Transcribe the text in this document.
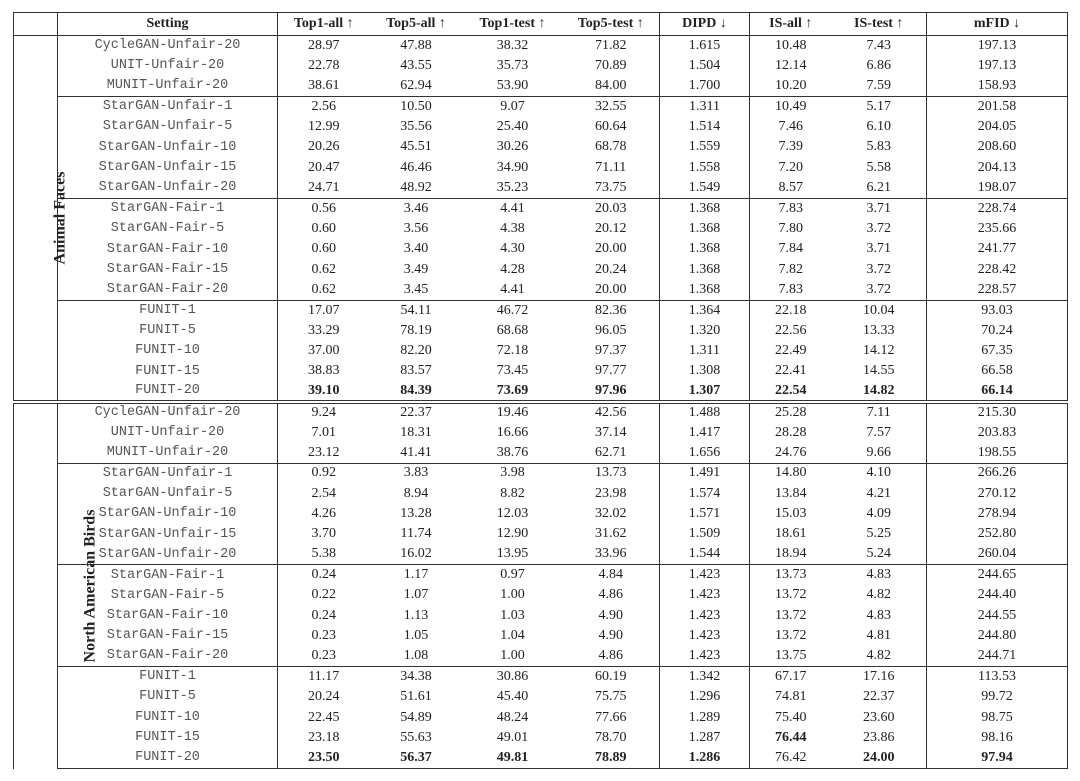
	Setting	Top1-all ↑	Top5-all ↑	Top1-test ↑	Top5-test ↑	DIPD ↓	IS-all ↑	IS-test ↑	mFID ↓
Animal Faces	CycleGAN-Unfair-20	28.97	47.88	38.32	71.82	1.615	10.48	7.43	197.13
	UNIT-Unfair-20	22.78	43.55	35.73	70.89	1.504	12.14	6.86	197.13
	MUNIT-Unfair-20	38.61	62.94	53.90	84.00	1.700	10.20	7.59	158.93
	StarGAN-Unfair-1	2.56	10.50	9.07	32.55	1.311	10.49	5.17	201.58
	StarGAN-Unfair-5	12.99	35.56	25.40	60.64	1.514	7.46	6.10	204.05
	StarGAN-Unfair-10	20.26	45.51	30.26	68.78	1.559	7.39	5.83	208.60
	StarGAN-Unfair-15	20.47	46.46	34.90	71.11	1.558	7.20	5.58	204.13
	StarGAN-Unfair-20	24.71	48.92	35.23	73.75	1.549	8.57	6.21	198.07
	StarGAN-Fair-1	0.56	3.46	4.41	20.03	1.368	7.83	3.71	228.74
	StarGAN-Fair-5	0.60	3.56	4.38	20.12	1.368	7.80	3.72	235.66
	StarGAN-Fair-10	0.60	3.40	4.30	20.00	1.368	7.84	3.71	241.77
	StarGAN-Fair-15	0.62	3.49	4.28	20.24	1.368	7.82	3.72	228.42
	StarGAN-Fair-20	0.62	3.45	4.41	20.00	1.368	7.83	3.72	228.57
	FUNIT-1	17.07	54.11	46.72	82.36	1.364	22.18	10.04	93.03
	FUNIT-5	33.29	78.19	68.68	96.05	1.320	22.56	13.33	70.24
	FUNIT-10	37.00	82.20	72.18	97.37	1.311	22.49	14.12	67.35
	FUNIT-15	38.83	83.57	73.45	97.77	1.308	22.41	14.55	66.58
	FUNIT-20	39.10	84.39	73.69	97.96	1.307	22.54	14.82	66.14
North American Birds	CycleGAN-Unfair-20	9.24	22.37	19.46	42.56	1.488	25.28	7.11	215.30
	UNIT-Unfair-20	7.01	18.31	16.66	37.14	1.417	28.28	7.57	203.83
	MUNIT-Unfair-20	23.12	41.41	38.76	62.71	1.656	24.76	9.66	198.55
	StarGAN-Unfair-1	0.92	3.83	3.98	13.73	1.491	14.80	4.10	266.26
	StarGAN-Unfair-5	2.54	8.94	8.82	23.98	1.574	13.84	4.21	270.12
	StarGAN-Unfair-10	4.26	13.28	12.03	32.02	1.571	15.03	4.09	278.94
	StarGAN-Unfair-15	3.70	11.74	12.90	31.62	1.509	18.61	5.25	252.80
	StarGAN-Unfair-20	5.38	16.02	13.95	33.96	1.544	18.94	5.24	260.04
	StarGAN-Fair-1	0.24	1.17	0.97	4.84	1.423	13.73	4.83	244.65
	StarGAN-Fair-5	0.22	1.07	1.00	4.86	1.423	13.72	4.82	244.40
	StarGAN-Fair-10	0.24	1.13	1.03	4.90	1.423	13.72	4.83	244.55
	StarGAN-Fair-15	0.23	1.05	1.04	4.90	1.423	13.72	4.81	244.80
	StarGAN-Fair-20	0.23	1.08	1.00	4.86	1.423	13.75	4.82	244.71
	FUNIT-1	11.17	34.38	30.86	60.19	1.342	67.17	17.16	113.53
	FUNIT-5	20.24	51.61	45.40	75.75	1.296	74.81	22.37	99.72
	FUNIT-10	22.45	54.89	48.24	77.66	1.289	75.40	23.60	98.75
	FUNIT-15	23.18	55.63	49.01	78.70	1.287	76.44	23.86	98.16
	FUNIT-20	23.50	56.37	49.81	78.89	1.286	76.42	24.00	97.94
